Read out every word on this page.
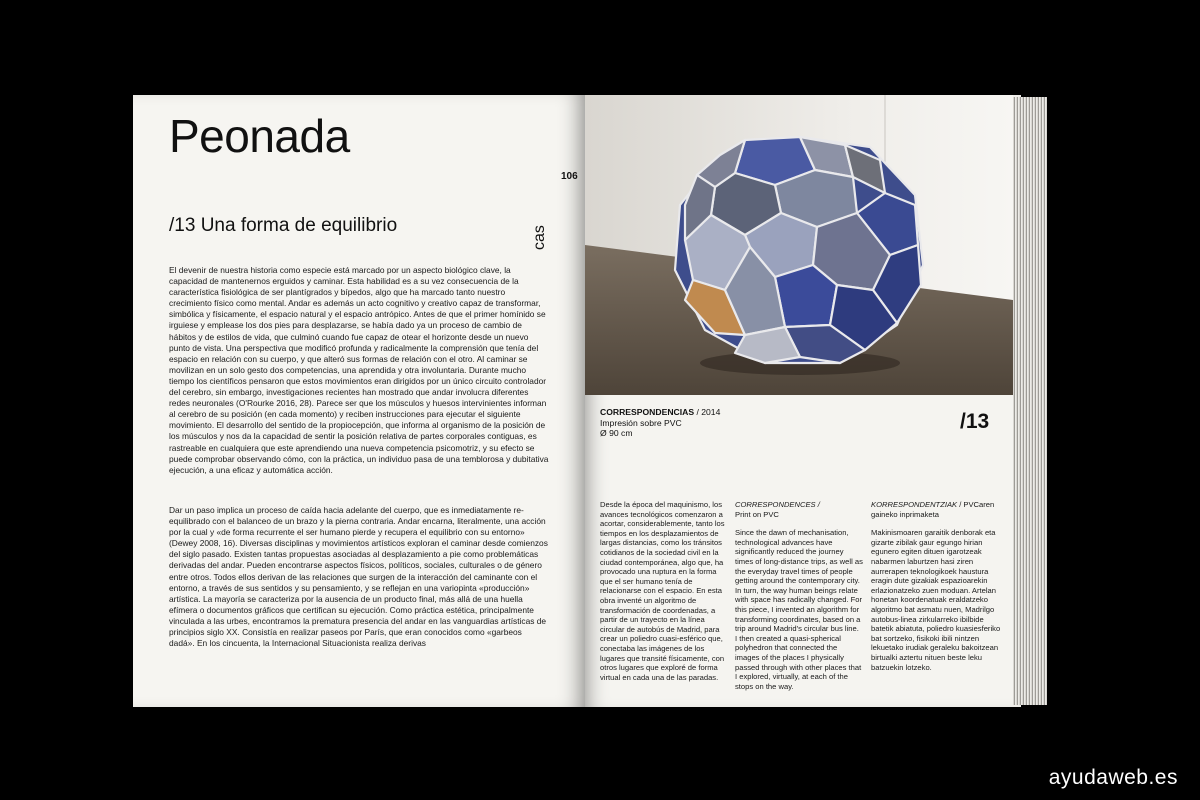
Peonada
/13 Una forma de equilibrio	cas
106

El devenir de nuestra historia como especie está marcado por un aspecto biológico clave, la capacidad de mantenernos erguidos y caminar. Esta habilidad es a su vez consecuencia de la característica fisiológica de ser plantígrados y bípedos, algo que ha marcado tanto nuestro crecimiento físico como mental. Andar es además un acto cognitivo y creativo capaz de transformar, simbólica y físicamente, el espacio natural y el espacio antrópico. Antes de que el primer homínido se irguiese y emplease los dos pies para desplazarse, se había dado ya un proceso de cambio de hábitos y de estilos de vida, que culminó cuando fue capaz de otear el horizonte desde un nuevo punto de vista. Una perspectiva que modificó profunda y radicalmente la comprensión que tenía del espacio en relación con su cuerpo, y que alteró sus formas de relación con el otro. Al caminar se movilizan en un solo gesto dos competencias, una aprendida y otra involuntaria. Durante mucho tiempo los científicos pensaron que estos movimientos eran dirigidos por un único circuito controlador del cerebro, sin embargo, investigaciones recientes han mostrado que andar involucra diferentes redes neuronales (O'Rourke 2016, 28). Parece ser que los músculos y huesos intervinientes informan al cerebro de su posición (en cada momento) y reciben instrucciones para ejecutar el siguiente movimiento. El desarrollo del sentido de la propiocepción, que informa al organismo de la posición de los músculos y nos da la capacidad de sentir la posición relativa de partes corporales contiguas, es rastreable en cualquiera que este aprendiendo una nueva competencia psicomotriz, y su efecto se puede comprobar observando cómo, con la práctica, un individuo pasa de una temblorosa y dubitativa ejecución, a una eficaz y automática acción.

Dar un paso implica un proceso de caída hacia adelante del cuerpo, que es inmediatamente re-equilibrado con el balanceo de un brazo y la pierna contraria. Andar encarna, literalmente, una acción por la cual y «de forma recurrente el ser humano pierde y recupera el equilibrio con su entorno» (Dewey 2008, 16). Diversas disciplinas y movimientos artísticos exploran el caminar desde comienzos del siglo pasado. Existen tantas propuestas asociadas al desplazamiento a pie como problemáticas derivadas del andar. Pueden encontrarse aspectos físicos, políticos, sociales, culturales o de género entre otros. Todos ellos derivan de las relaciones que surgen de la interacción del caminante con el entorno, a través de sus sentidos y su pensamiento, y se reflejan en una variopinta «producción» artística. La mayoría se caracteriza por la ausencia de un producto final, más allá de una huella efímera o documentos gráficos que certifican su ejecución. Como práctica estética, principalmente vinculada a las urbes, encontramos la prematura presencia del andar en las vanguardias artísticas de principios siglo XX. Consistía en realizar paseos por París, que eran conocidos como «garbeos dadá». En los cincuenta, la Internacional Situacionista realiza derivas

CORRESPONDENCIAS / 2014
Impresión sobre PVC
Ø 90 cm	/13

Desde la época del maquinismo, los avances tecnológicos comenzaron a acortar, considerablemente, tanto los tiempos en los desplazamientos de largas distancias, como los tránsitos cotidianos de la sociedad civil en la ciudad contemporánea, algo que, ha provocado una ruptura en la forma que el ser humano tenía de relacionarse con el espacio. En esta obra inventé un algoritmo de transformación de coordenadas, a partir de un trayecto en la línea circular de autobús de Madrid, para crear un poliedro cuasi-esférico que, conectaba las imágenes de los lugares que transité físicamente, con otros lugares que exploré de forma virtual en cada una de las paradas.

CORRESPONDENCES /
Print on PVC
Since the dawn of mechanisation, technological advances have significantly reduced the journey times of long-distance trips, as well as the everyday travel times of people getting around the contemporary city. In turn, the way human beings relate with space has radically changed. For this piece, I invented an algorithm for transforming coordinates, based on a trip around Madrid's circular bus line. I then created a quasi-spherical polyhedron that connected the images of the places I physically passed through with other places that I explored, virtually, at each of the stops on the way.
KORRESPONDENTZIAK / PVCaren gaineko inprimaketa
Makinismoaren garaitik denborak eta gizarte zibilak gaur egungo hirian egunero egiten dituen igarotzeak nabarmen laburtzen hasi ziren aurrerapen teknologikoek haustura eragin dute gizakiak espazioarekin erlazionatzeko zuen moduan. Artelan honetan koordenatuak eraldatzeko algoritmo bat asmatu nuen, Madrilgo autobus-linea zirkularreko ibilbide batetik abiatuta, poliedro kuasiesferiko bat sortzeko, fisikoki ibili nintzen lekuetako irudiak geraleku bakoitzean birtualki aztertu nituen beste leku batzuekin lotzeko.
ayudaweb.es
